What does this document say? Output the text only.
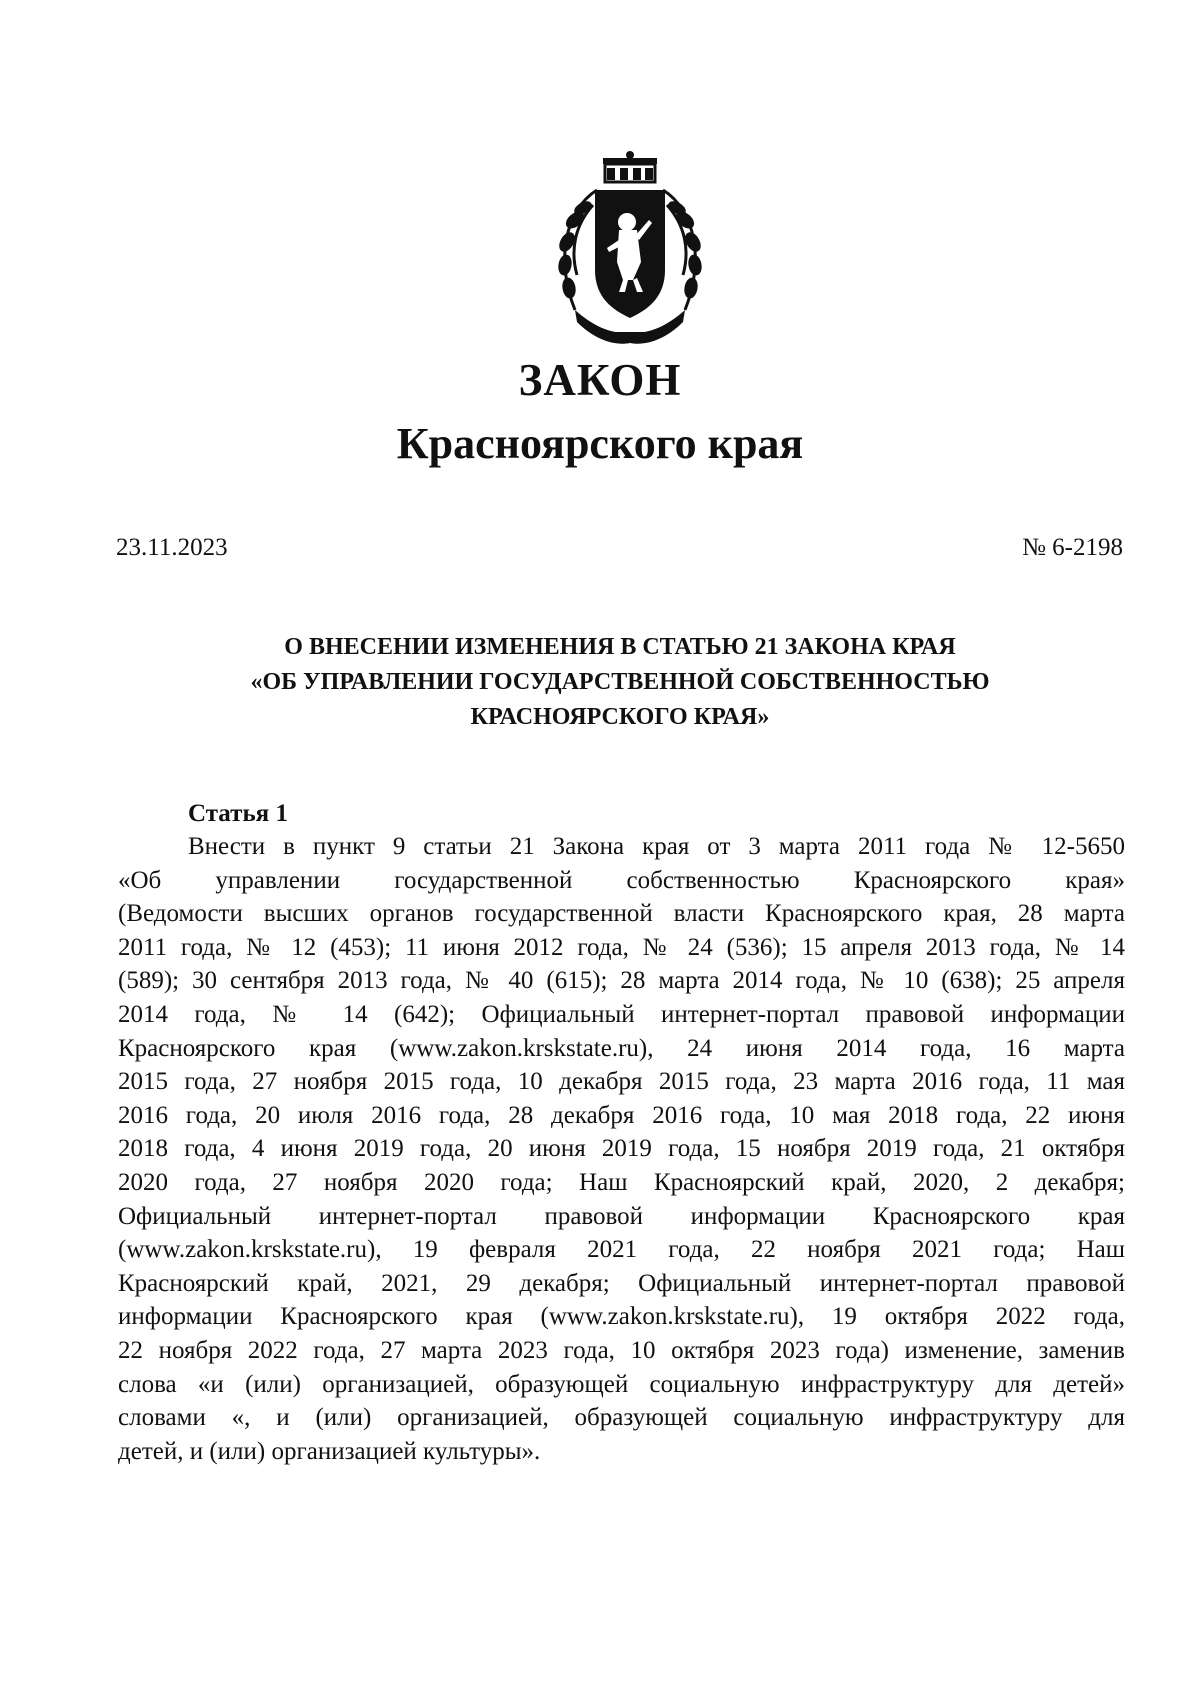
ЗАКОН
Красноярского края
23.11.2023	№ 6-2198
О ВНЕСЕНИИ ИЗМЕНЕНИЯ В СТАТЬЮ 21 ЗАКОНА КРАЯ
«ОБ УПРАВЛЕНИИ ГОСУДАРСТВЕННОЙ СОБСТВЕННОСТЬЮ
КРАСНОЯРСКОГО КРАЯ»
Статья 1
Внести в пункт 9 статьи 21 Закона края от 3 марта 2011 года № 12-5650
«Об управлении государственной собственностью Красноярского края»
(Ведомости высших органов государственной власти Красноярского края, 28 марта
2011 года, № 12 (453); 11 июня 2012 года, № 24 (536); 15 апреля 2013 года, № 14
(589); 30 сентября 2013 года, № 40 (615); 28 марта 2014 года, № 10 (638); 25 апреля
2014 года, № 14 (642); Официальный интернет-портал правовой информации
Красноярского края (www.zakon.krskstate.ru), 24 июня 2014 года, 16 марта
2015 года, 27 ноября 2015 года, 10 декабря 2015 года, 23 марта 2016 года, 11 мая
2016 года, 20 июля 2016 года, 28 декабря 2016 года, 10 мая 2018 года, 22 июня
2018 года, 4 июня 2019 года, 20 июня 2019 года, 15 ноября 2019 года, 21 октября
2020 года, 27 ноября 2020 года; Наш Красноярский край, 2020, 2 декабря;
Официальный интернет-портал правовой информации Красноярского края
(www.zakon.krskstate.ru), 19 февраля 2021 года, 22 ноября 2021 года; Наш
Красноярский край, 2021, 29 декабря; Официальный интернет-портал правовой
информации Красноярского края (www.zakon.krskstate.ru), 19 октября 2022 года,
22 ноября 2022 года, 27 марта 2023 года, 10 октября 2023 года) изменение, заменив
слова «и (или) организацией, образующей социальную инфраструктуру для детей»
словами «, и (или) организацией, образующей социальную инфраструктуру для
детей, и (или) организацией культуры».
